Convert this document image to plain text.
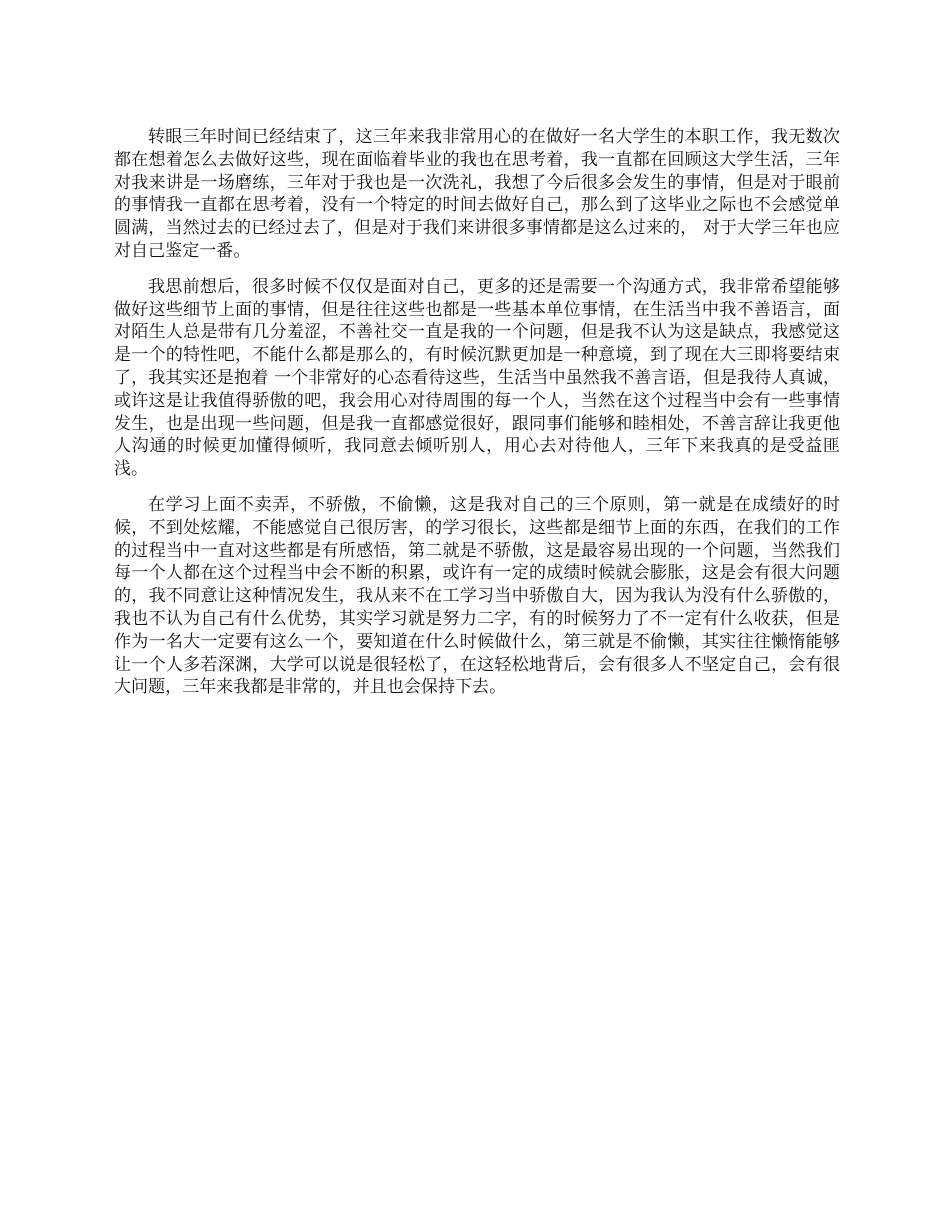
转眼三年时间已经结束了，这三年来我非常用心的在做好一名大学生的本职工作，我无数次都在想着怎么去做好这些，现在面临着毕业的我也在思考着，我一直都在回顾这大学生活，三年对我来讲是一场磨练，三年对于我也是一次洗礼，我想了今后很多会发生的事情，但是对于眼前的事情我一直都在思考着，没有一个特定的时间去做好自己，那么到了这毕业之际也不会感觉单圆满，当然过去的已经过去了，但是对于我们来讲很多事情都是这么过来的， 对于大学三年也应对自己鉴定一番。

我思前想后，很多时候不仅仅是面对自己，更多的还是需要一个沟通方式，我非常希望能够做好这些细节上面的事情，但是往往这些也都是一些基本单位事情，在生活当中我不善语言，面对陌生人总是带有几分羞涩，不善社交一直是我的一个问题，但是我不认为这是缺点，我感觉这是一个的特性吧，不能什么都是那么的，有时候沉默更加是一种意境，到了现在大三即将要结束了，我其实还是抱着 一个非常好的心态看待这些，生活当中虽然我不善言语，但是我待人真诚，或许这是让我值得骄傲的吧，我会用心对待周围的每一个人，当然在这个过程当中会有一些事情发生，也是出现一些问题，但是我一直都感觉很好，跟同事们能够和睦相处，不善言辞让我更他人沟通的时候更加懂得倾听，我同意去倾听别人，用心去对待他人，三年下来我真的是受益匪浅。

在学习上面不卖弄，不骄傲，不偷懒，这是我对自己的三个原则，第一就是在成绩好的时候，不到处炫耀，不能感觉自己很厉害，的学习很长，这些都是细节上面的东西，在我们的工作的过程当中一直对这些都是有所感悟，第二就是不骄傲，这是最容易出现的一个问题，当然我们每一个人都在这个过程当中会不断的积累，或许有一定的成绩时候就会膨胀，这是会有很大问题的，我不同意让这种情况发生，我从来不在工学习当中骄傲自大，因为我认为没有什么骄傲的，我也不认为自己有什么优势，其实学习就是努力二字，有的时候努力了不一定有什么收获，但是作为一名大一定要有这么一个，要知道在什么时候做什么，第三就是不偷懒，其实往往懒惰能够让一个人多若深渊，大学可以说是很轻松了，在这轻松地背后，会有很多人不坚定自己，会有很大问题，三年来我都是非常的，并且也会保持下去。
